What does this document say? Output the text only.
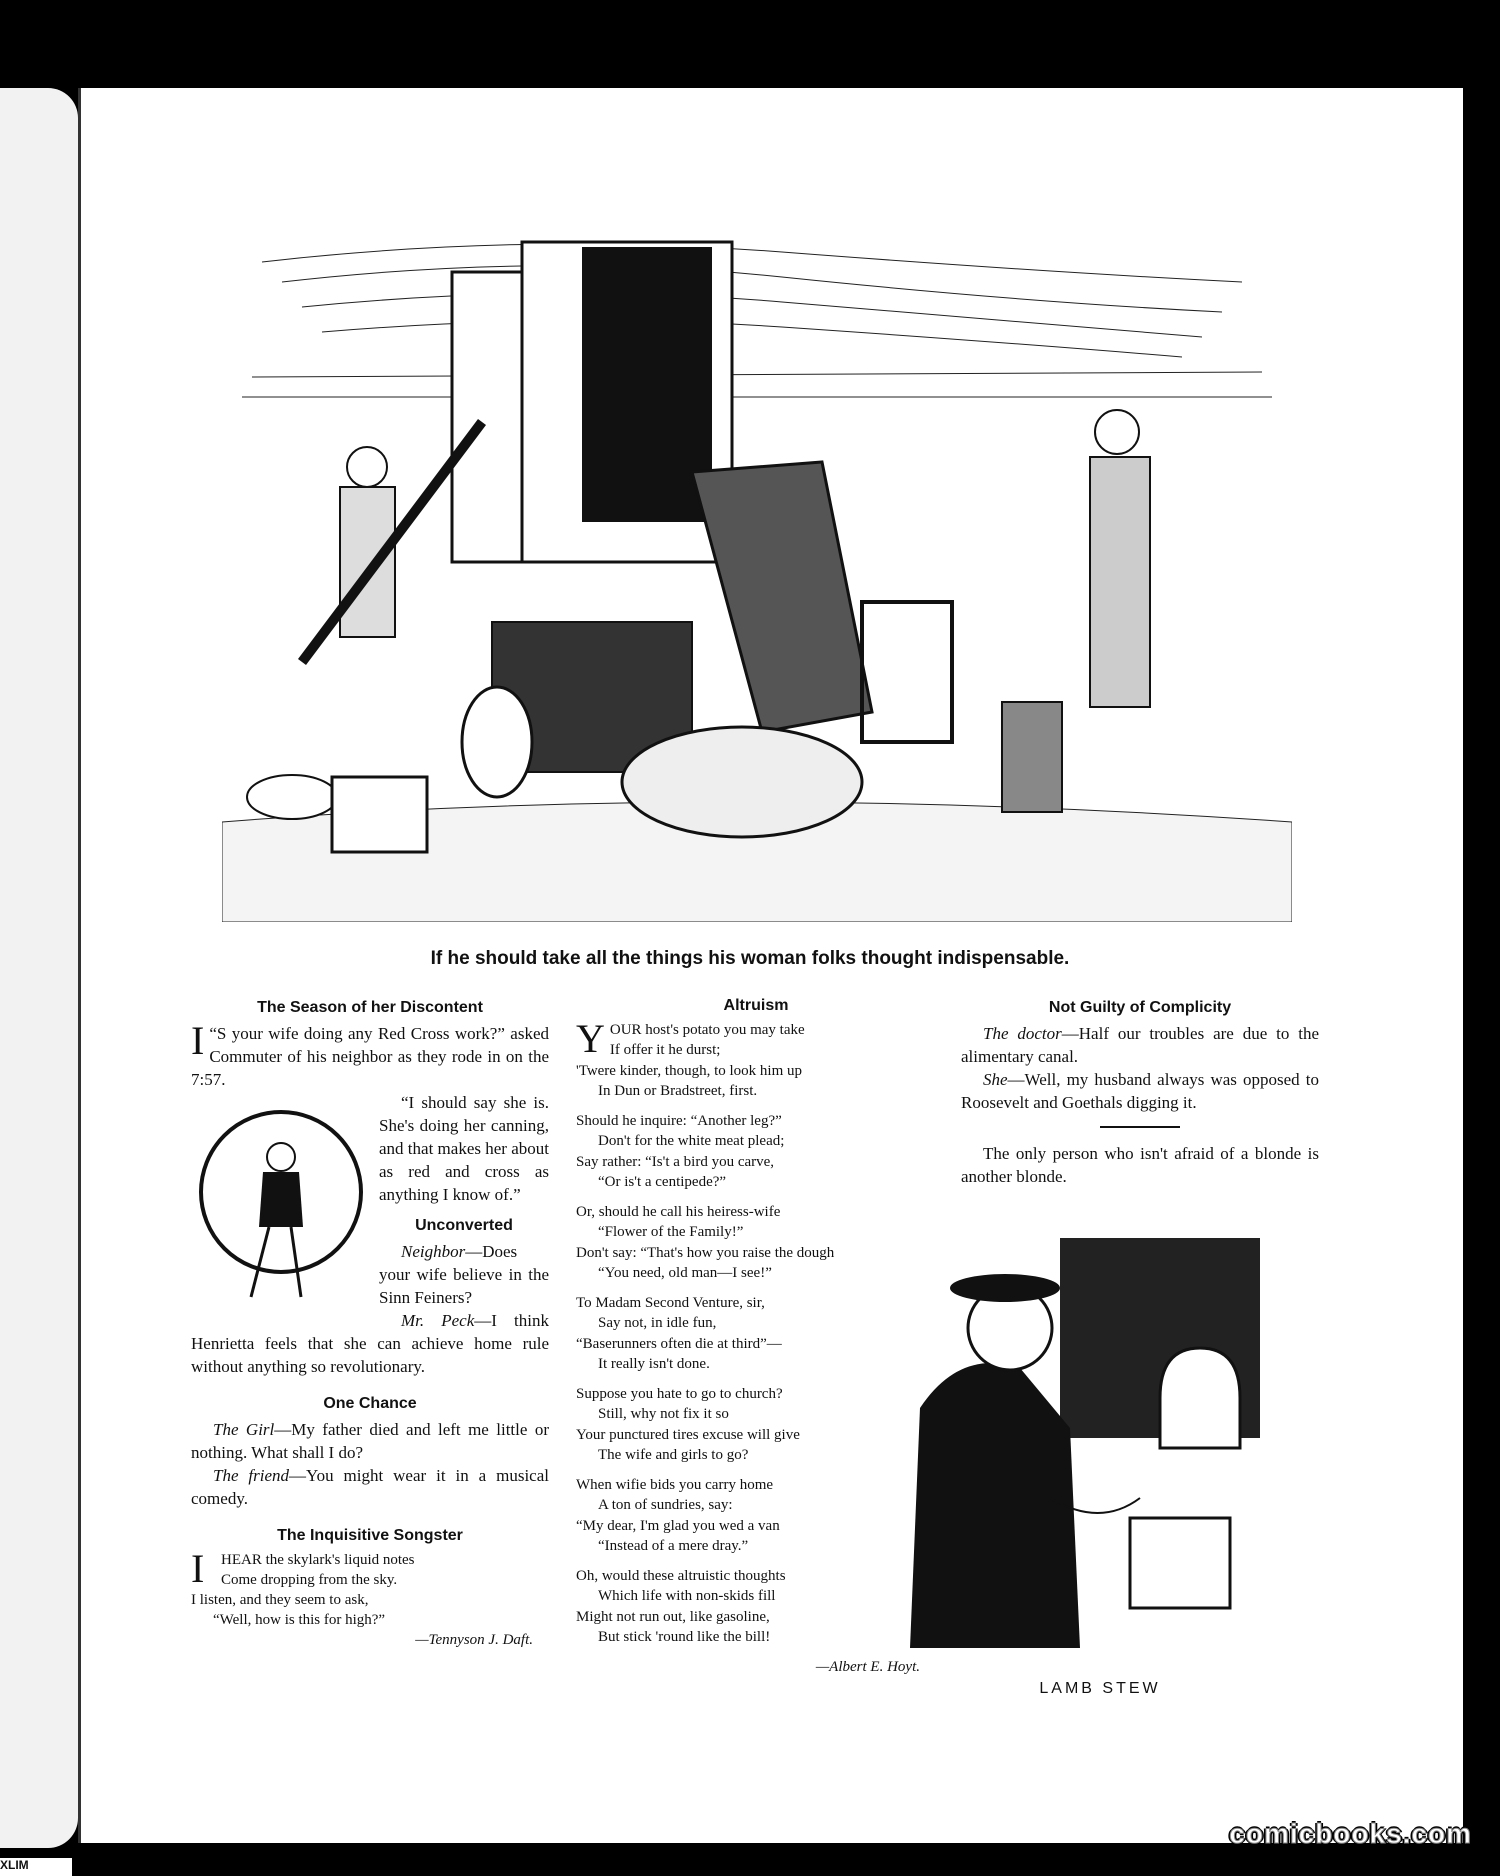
If he should take all the things his woman folks thought indispensable.
The Season of her Discontent

“
I S your wife doing any Red Cross work?” asked Commuter of his neighbor as they rode in on the 7:57.

“I should say she is. She's doing her canning, and that makes her about as red and cross as anything I know of.”

Unconverted

Neighbor—Does your wife believe in the Sinn Feiners?

Mr. Peck—I think Henrietta feels that she can achieve home rule without anything so revolutionary.

One Chance

The Girl—My father died and left me little or nothing. What shall I do?

The friend—You might wear it in a musical comedy.

The Inquisitive Songster
I HEAR the skylark's liquid notes
Come dropping from the sky.
I listen, and they seem to ask,
“Well, how is this for high?”
—Tennyson J. Daft.
Altruism
YOUR host's potato you may take
If offer it he durst;
'Twere kinder, though, to look him up
In Dun or Bradstreet, first.
Should he inquire: “Another leg?”
Don't for the white meat plead;
Say rather: “Is't a bird you carve,
“Or is't a centipede?”
Or, should he call his heiress-wife
“Flower of the Family!”
Don't say: “That's how you raise the dough
“You need, old man—I see!”
To Madam Second Venture, sir,
Say not, in idle fun,
“Baserunners often die at third”—
It really isn't done.
Suppose you hate to go to church?
Still, why not fix it so
Your punctured tires excuse will give
The wife and girls to go?
When wifie bids you carry home
A ton of sundries, say:
“My dear, I'm glad you wed a van
“Instead of a mere dray.”
Oh, would these altruistic thoughts
Which life with non-skids fill
Might not run out, like gasoline,
But stick 'round like the bill!
—Albert E. Hoyt.
Not Guilty of Complicity

The doctor—Half our troubles are due to the alimentary canal.

She—Well, my husband always was opposed to Roosevelt and Goethals digging it.

The only person who isn't afraid of a blonde is another blonde.

LAMB STEW
comicbooks.com
XLIM
